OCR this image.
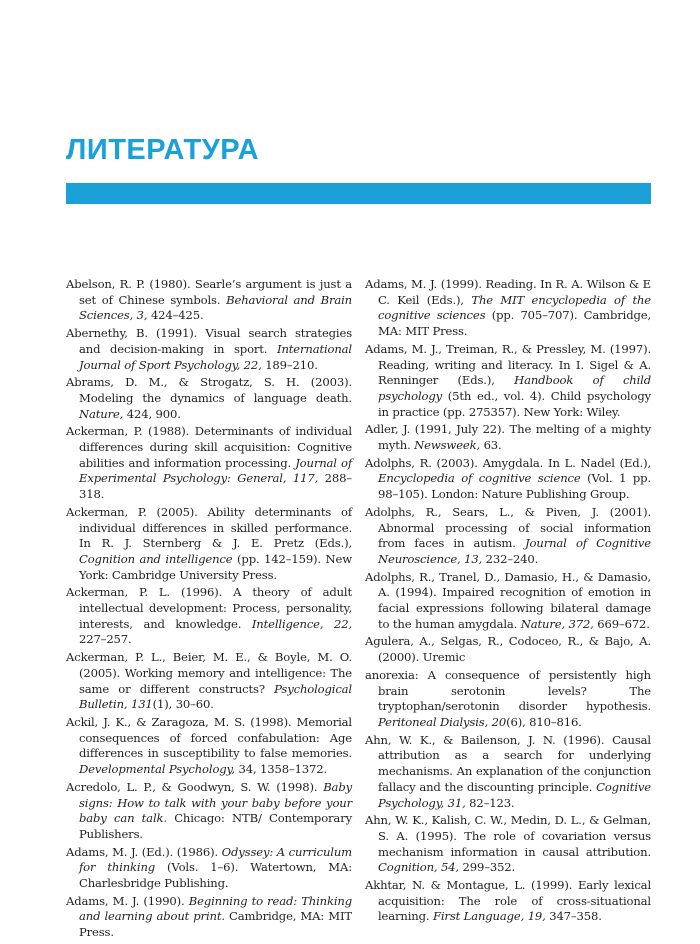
ЛИТЕРАТУРА

Abelson, R. P. (1980). Searle’s argument is just a set of Chinese symbols. Behavioral and Brain Sciences, 3, 424–425.

Abernethy, B. (1991). Visual search strategies and decision-making in sport. International Journal of Sport Psychology, 22, 189–210.

Abrams, D. M., & Strogatz, S. H. (2003). Modeling the dynamics of language death. Nature, 424, 900.

Ackerman, P. (1988). Determinants of individual differences during skill acquisition: Cognitive abilities and information processing. Journal of Experimental Psychology: General, 117, 288–318.

Ackerman, P. (2005). Ability determinants of individual differences in skilled performance. In R. J. Sternberg & J. E. Pretz (Eds.), Cognition and intelligence (pp. 142–159). New York: Cambridge University Press.

Ackerman, P. L. (1996). A theory of adult intellectual development: Process, personality, interests, and knowledge. Intelligence, 22, 227–257.

Ackerman, P. L., Beier, M. E., & Boyle, M. O. (2005). Working memory and intelligence: The same or different constructs? Psychological Bulletin, 131(1), 30–60.

Ackil, J. K., & Zaragoza, M. S. (1998). Memorial consequences of forced confabulation: Age differences in susceptibility to false memories. Developmental Psychology, 34, 1358–1372.

Acredolo, L. P., & Goodwyn, S. W. (1998). Baby signs: How to talk with your baby before your baby can talk. Chicago: NTB/ Contemporary Publishers.

Adams, M. J. (Ed.). (1986). Odyssey: A curriculum for thinking (Vols. 1–6). Watertown, MA: Charlesbridge Publishing.

Adams, M. J. (1990). Beginning to read: Thinking and learning about print. Cambridge, MA: MIT Press.

Adams, M. J. (1999). Reading. In R. A. Wilson & E C. Keil (Eds.), The MIT encyclopedia of the cognitive sciences (pp. 705–707). Cambridge, MA: MIT Press.

Adams, M. J., Treiman, R., & Pressley, M. (1997). Reading, writing and literacy. In I. Sigel & A. Renninger (Eds.), Handbook of child psychology (5th ed., vol. 4). Child psychology in practice (pp. 275357). New York: Wiley.

Adler, J. (1991, July 22). The melting of a mighty myth. Newsweek, 63.

Adolphs, R. (2003). Amygdala. In L. Nadel (Ed.), Encyclopedia of cognitive science (Vol. 1 pp. 98–105). London: Nature Publishing Group.

Adolphs, R., Sears, L., & Piven, J. (2001). Abnormal processing of social information from faces in autism. Journal of Cognitive Neuroscience, 13, 232–240.

Adolphs, R., Tranel, D., Damasio, H., & Damasio, A. (1994). Impaired recognition of emotion in facial expressions following bilateral damage to the human amygdala. Nature, 372, 669–672.

Agulera, A., Selgas, R., Codoceo, R., & Bajo, A. (2000). Uremic

anorexia: A consequence of persistently high brain serotonin levels? The tryptophan/serotonin disorder hypothesis. Peritoneal Dialysis, 20(6), 810–816.

Ahn, W. K., & Bailenson, J. N. (1996). Causal attribution as a search for underlying mechanisms. An explanation of the conjunction fallacy and the discounting principle. Cognitive Psychology, 31, 82–123.

Ahn, W. K., Kalish, C. W., Medin, D. L., & Gelman, S. A. (1995). The role of covariation versus mechanism information in causal attribution. Cognition, 54, 299–352.

Akhtar, N. & Montague, L. (1999). Early lexical acquisition: The role of cross-situational learning. First Language, 19, 347–358.
